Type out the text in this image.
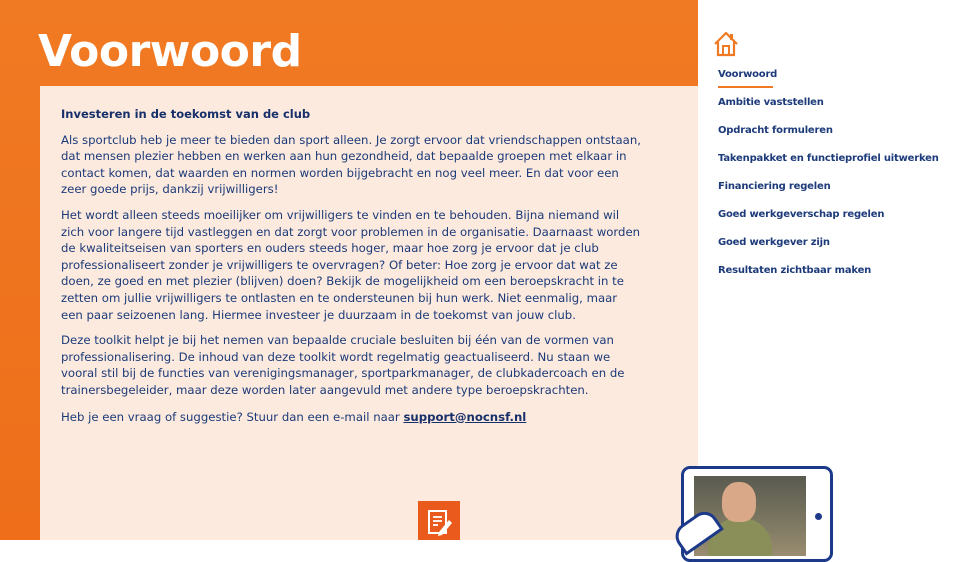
Voorwoord
Investeren in de toekomst van de club

Als sportclub heb je meer te bieden dan sport alleen. Je zorgt ervoor dat vriendschappen ontstaan, dat mensen plezier hebben en werken aan hun gezondheid, dat bepaalde groepen met elkaar in contact komen, dat waarden en normen worden bijgebracht en nog veel meer. En dat voor een zeer goede prijs, dankzij vrijwilligers!

Het wordt alleen steeds moeilijker om vrijwilligers te vinden en te behouden. Bijna niemand wil zich voor langere tijd vastleggen en dat zorgt voor problemen in de organisatie. Daarnaast worden de kwaliteitseisen van sporters en ouders steeds hoger, maar hoe zorg je ervoor dat je club professionaliseert zonder je vrijwilligers te overvragen? Of beter: Hoe zorg je ervoor dat wat ze doen, ze goed en met plezier (blijven) doen? Bekijk de mogelijkheid om een beroepskracht in te zetten om jullie vrijwilligers te ontlasten en te ondersteunen bij hun werk. Niet eenmalig, maar een paar seizoenen lang. Hiermee investeer je duurzaam in de toekomst van jouw club.

Deze toolkit helpt je bij het nemen van bepaalde cruciale besluiten bij één van de vormen van professionalisering. De inhoud van deze toolkit wordt regelmatig geactualiseerd. Nu staan we vooral stil bij de functies van verenigingsmanager, sportparkmanager, de clubkadercoach en de trainersbegeleider, maar deze worden later aangevuld met andere type beroepskrachten.

Heb je een vraag of suggestie? Stuur dan een e-mail naar support@nocnsf.nl

Voorwoord
Ambitie vaststellen
Opdracht formuleren
Takenpakket en functieprofiel uitwerken
Financiering regelen
Goed werkgeverschap regelen
Goed werkgever zijn
Resultaten zichtbaar maken
